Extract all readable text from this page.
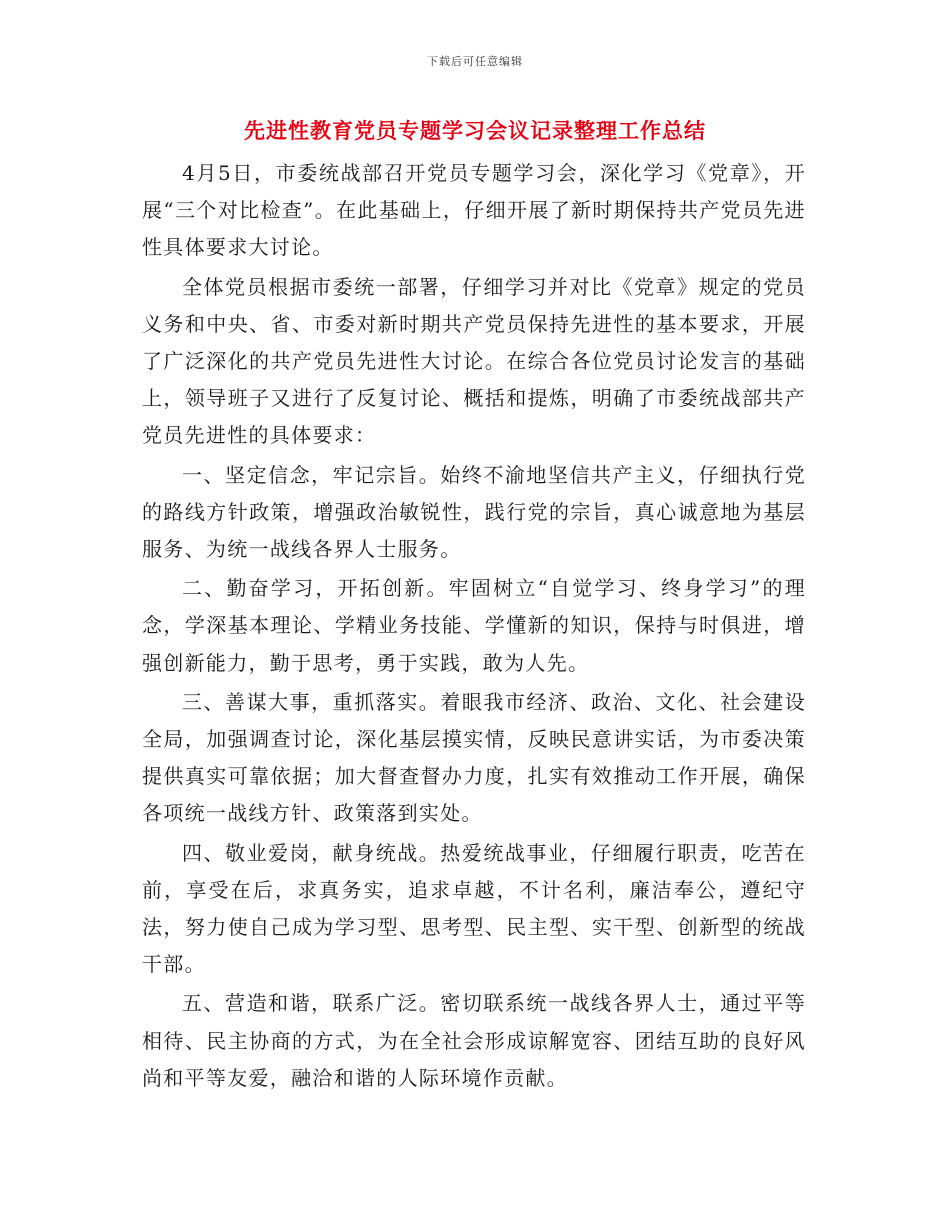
下载后可任意编辑
先进性教育党员专题学习会议记录整理工作总结

4月5日，市委统战部召开党员专题学习会，深化学习《党章》，开展“三个对比检查”。在此基础上，仔细开展了新时期保持共产党员先进性具体要求大讨论。

全体党员根据市委统一部署，仔细学习并对比《党章》规定的党员义务和中央、省、市委对新时期共产党员保持先进性的基本要求，开展了广泛深化的共产党员先进性大讨论。在综合各位党员讨论发言的基础上，领导班子又进行了反复讨论、概括和提炼，明确了市委统战部共产党员先进性的具体要求：

一、坚定信念，牢记宗旨。始终不渝地坚信共产主义，仔细执行党的路线方针政策，增强政治敏锐性，践行党的宗旨，真心诚意地为基层服务、为统一战线各界人士服务。

二、勤奋学习，开拓创新。牢固树立“自觉学习、终身学习”的理念，学深基本理论、学精业务技能、学懂新的知识，保持与时俱进，增强创新能力，勤于思考，勇于实践，敢为人先。

三、善谋大事，重抓落实。着眼我市经济、政治、文化、社会建设全局，加强调查讨论，深化基层摸实情，反映民意讲实话，为市委决策提供真实可靠依据；加大督查督办力度，扎实有效推动工作开展，确保各项统一战线方针、政策落到实处。

四、敬业爱岗，献身统战。热爱统战事业，仔细履行职责，吃苦在前，享受在后，求真务实，追求卓越，不计名利，廉洁奉公，遵纪守法，努力使自己成为学习型、思考型、民主型、实干型、创新型的统战干部。

五、营造和谐，联系广泛。密切联系统一战线各界人士，通过平等相待、民主协商的方式，为在全社会形成谅解宽容、团结互助的良好风尚和平等友爱，融洽和谐的人际环境作贡献。
